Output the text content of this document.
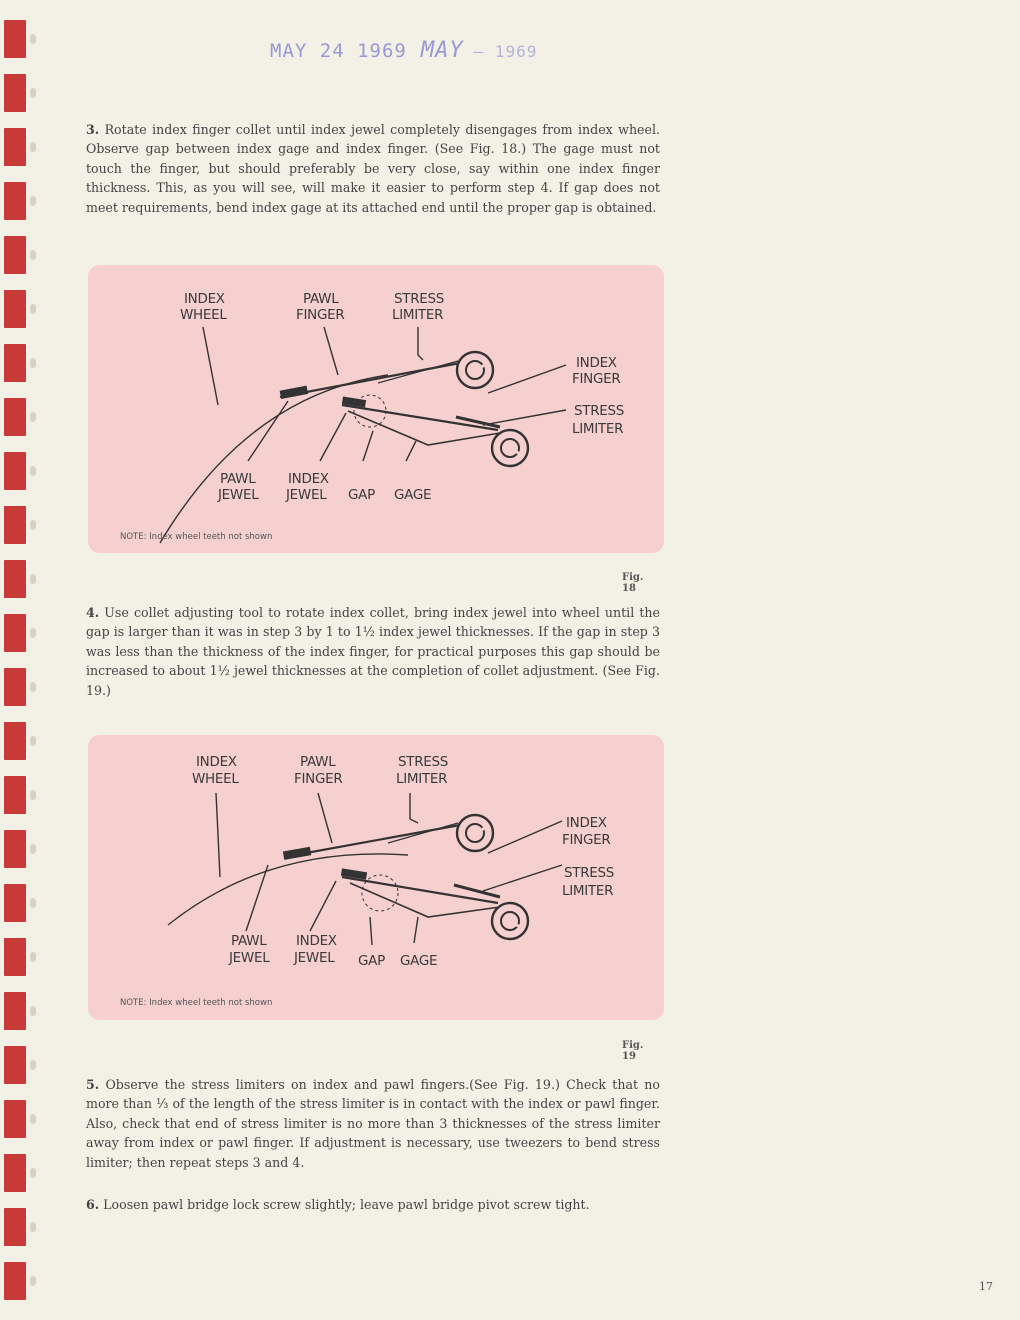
MAY 24 1969 MAY — 1969
3. Rotate index finger collet until index jewel completely disengages from index wheel. Observe gap between index gage and index finger. (See Fig. 18.) The gage must not touch the finger, but should preferably be very close, say within one index finger thickness. This, as you will see, will make it easier to perform step 4. If gap does not meet requirements, bend index gage at its attached end until the proper gap is obtained.
INDEX
WHEEL
PAWL
FINGER
STRESS
LIMITER
INDEX
FINGER
STRESS
LIMITER
PAWL
JEWEL
INDEX
JEWEL GAP GAGE
NOTE: Index wheel teeth not shown
Fig. 18
4. Use collet adjusting tool to rotate index collet, bring index jewel into wheel until the gap is larger than it was in step 3 by 1 to 1½ index jewel thicknesses. If the gap in step 3 was less than the thickness of the index finger, for practical purposes this gap should be increased to about 1½ jewel thicknesses at the completion of collet adjustment. (See Fig. 19.)
INDEX
WHEEL
PAWL
FINGER
STRESS
LIMITER
INDEX
FINGER
STRESS
LIMITER
PAWL
JEWEL
INDEX
JEWEL GAP GAGE
NOTE: Index wheel teeth not shown
Fig. 19
5. Observe the stress limiters on index and pawl fingers.(See Fig. 19.) Check that no more than ⅓ of the length of the stress limiter is in contact with the index or pawl finger. Also, check that end of stress limiter is no more than 3 thicknesses of the stress limiter away from index or pawl finger. If adjustment is necessary, use tweezers to bend stress limiter; then repeat steps 3 and 4.
6. Loosen pawl bridge lock screw slightly; leave pawl bridge pivot screw tight.
17
